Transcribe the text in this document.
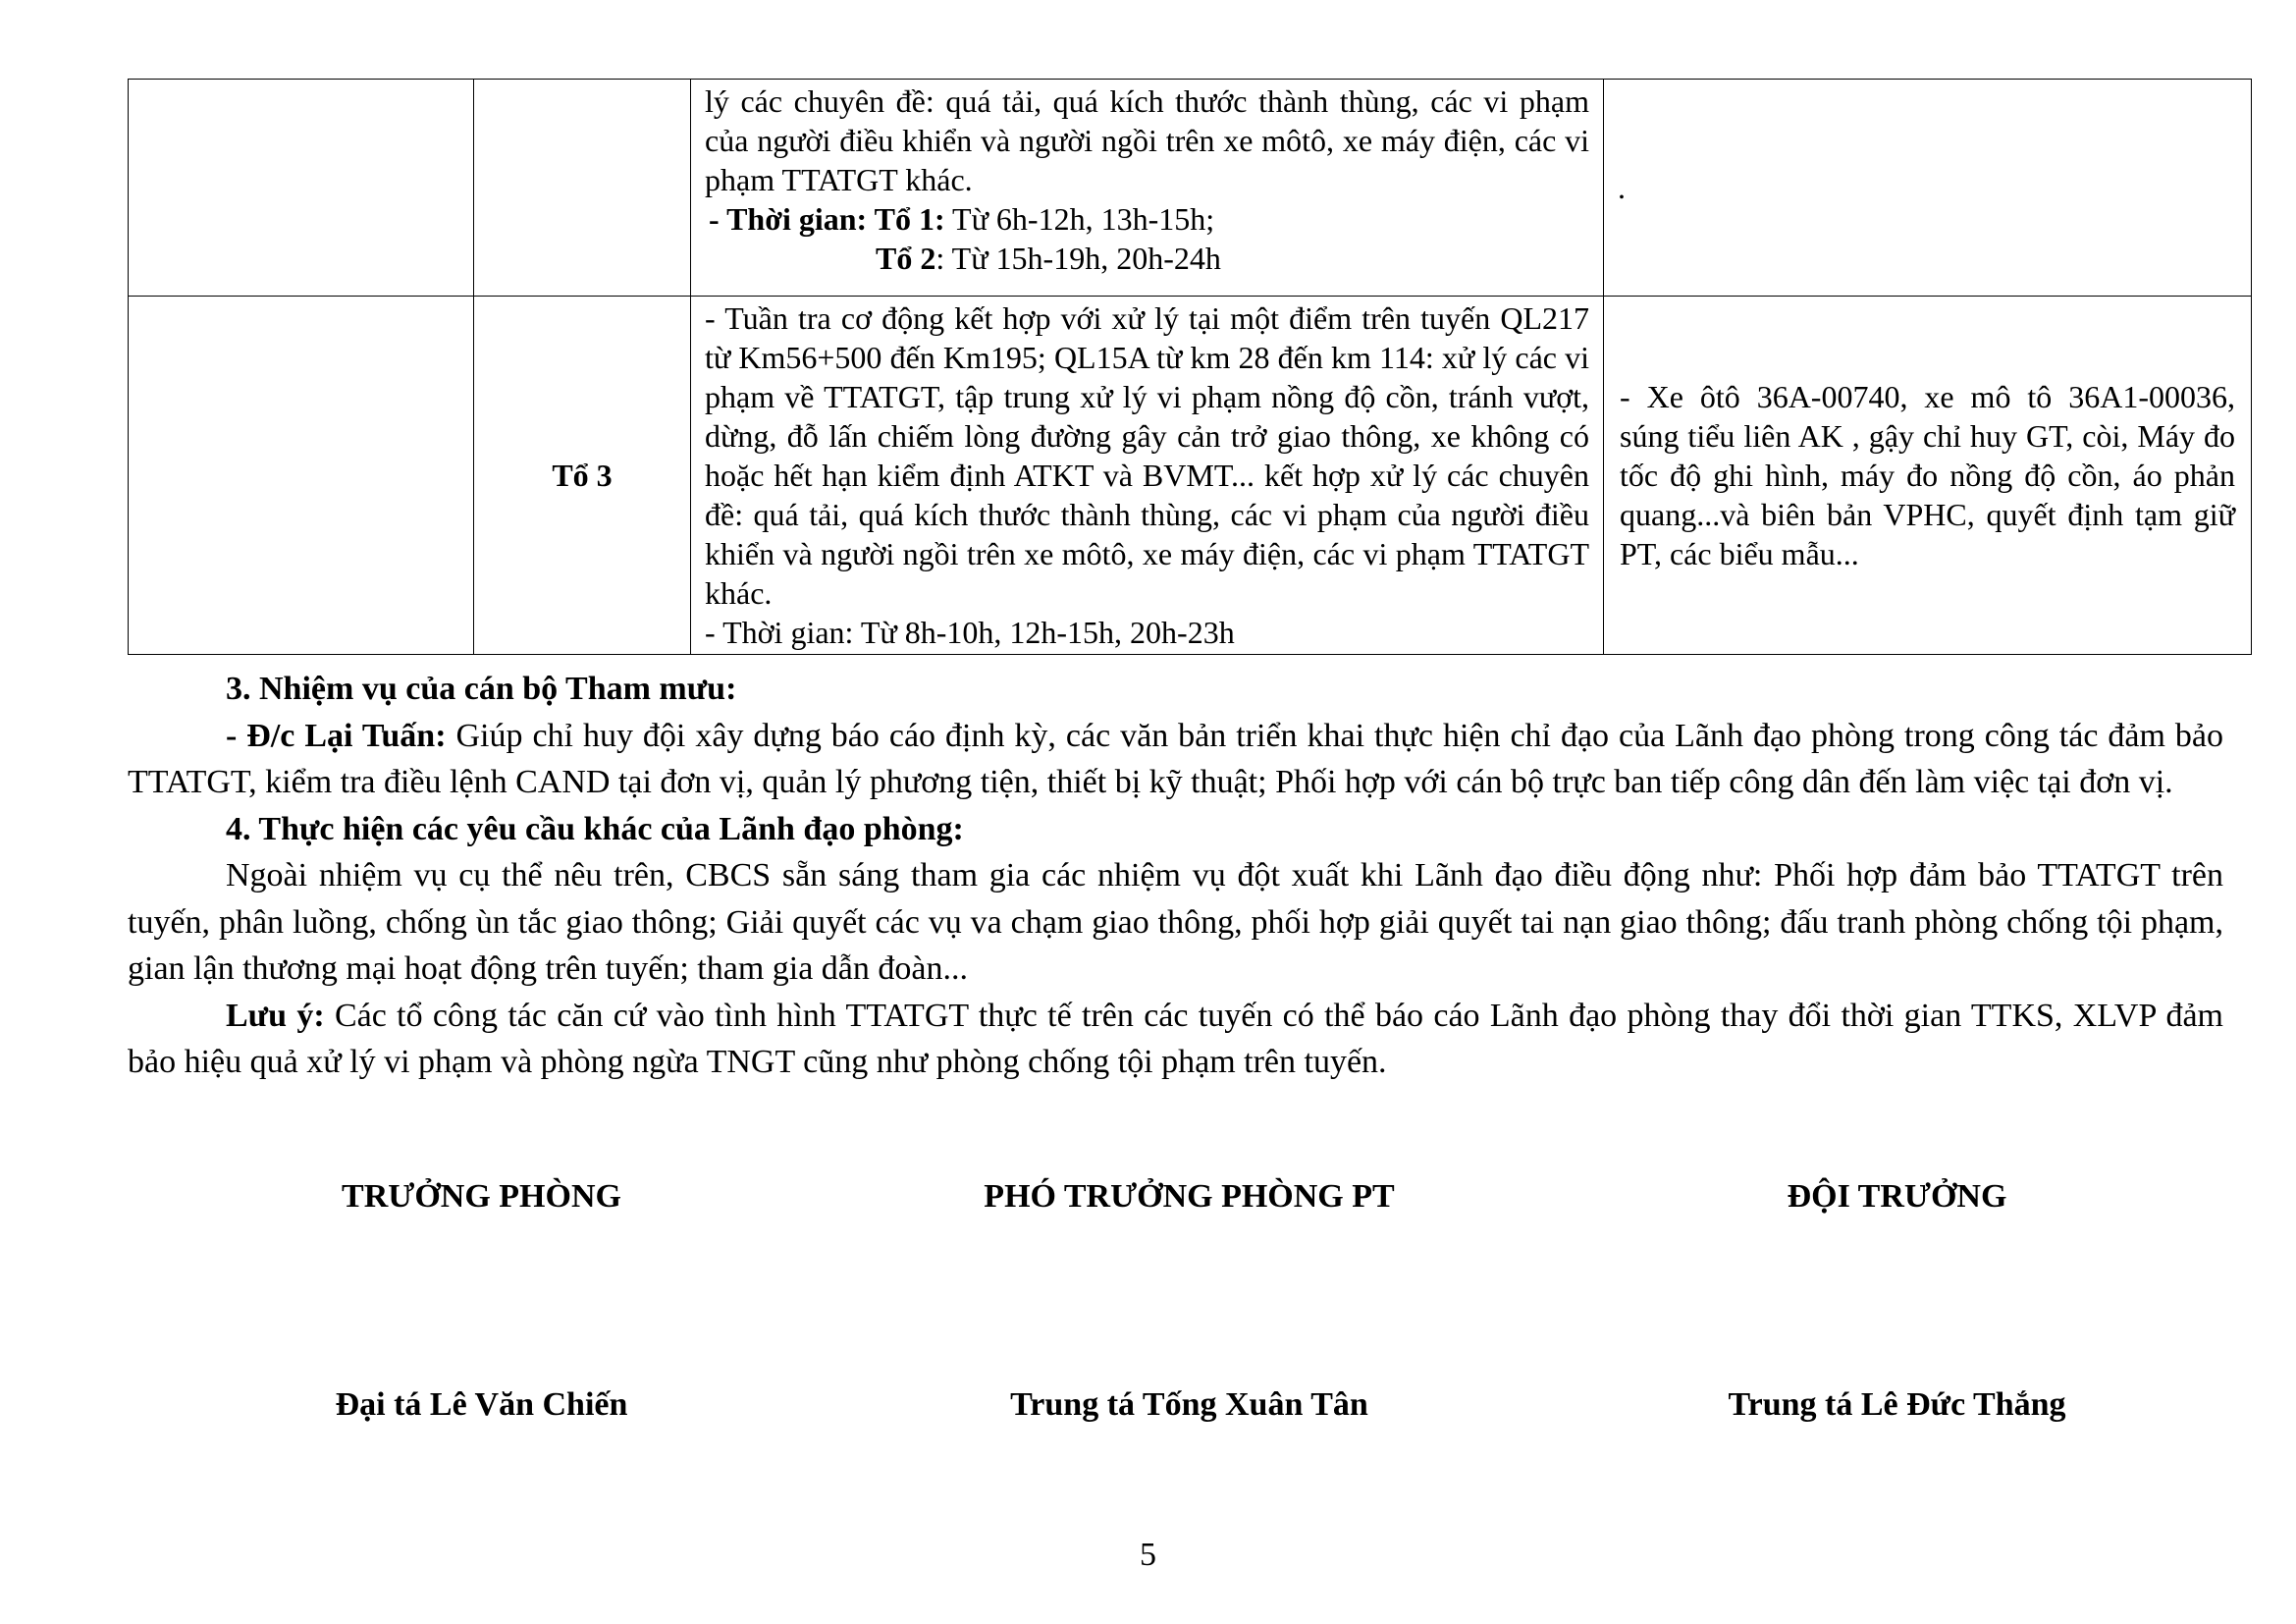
		lý các chuyên đề: quá tải, quá kích thước thành thùng, các vi phạm của người điều khiển và người ngồi trên xe môtô, xe máy điện, các vi phạm TTATGT khác.
- Thời gian: Tổ 1: Từ 6h-12h, 13h-15h;
Tổ 2: Từ 15h-19h, 20h-24h	.
	Tổ 3	- Tuần tra cơ động kết hợp với xử lý tại một điểm trên tuyến QL217 từ Km56+500 đến Km195; QL15A từ km 28 đến km 114: xử lý các vi phạm về TTATGT, tập trung xử lý vi phạm nồng độ cồn, tránh vượt, dừng, đỗ lấn chiếm lòng đường gây cản trở giao thông, xe không có hoặc hết hạn kiểm định ATKT và BVMT... kết hợp xử lý các chuyên đề: quá tải, quá kích thước thành thùng, các vi phạm của người điều khiển và người ngồi trên xe môtô, xe máy điện, các vi phạm TTATGT khác.
- Thời gian: Từ 8h-10h, 12h-15h, 20h-23h	- Xe ôtô 36A-00740, xe mô tô 36A1-00036, súng tiểu liên AK , gậy chỉ huy GT, còi, Máy đo tốc độ ghi hình, máy đo nồng độ cồn, áo phản quang...và biên bản VPHC, quyết định tạm giữ PT, các biểu mẫu...

3. Nhiệm vụ của cán bộ Tham mưu:

- Đ/c Lại Tuấn: Giúp chỉ huy đội xây dựng báo cáo định kỳ, các văn bản triển khai thực hiện chỉ đạo của Lãnh đạo phòng trong công tác đảm bảo TTATGT, kiểm tra điều lệnh CAND tại đơn vị, quản lý phương tiện, thiết bị kỹ thuật; Phối hợp với cán bộ trực ban tiếp công dân đến làm việc tại đơn vị.

4. Thực hiện các yêu cầu khác của Lãnh đạo phòng:

Ngoài nhiệm vụ cụ thể nêu trên, CBCS sẵn sáng tham gia các nhiệm vụ đột xuất khi Lãnh đạo điều động như: Phối hợp đảm bảo TTATGT trên tuyến, phân luồng, chống ùn tắc giao thông; Giải quyết các vụ va chạm giao thông, phối hợp giải quyết tai nạn giao thông; đấu tranh phòng chống tội phạm, gian lận thương mại hoạt động trên tuyến; tham gia dẫn đoàn...

Lưu ý: Các tổ công tác căn cứ vào tình hình TTATGT thực tế trên các tuyến có thể báo cáo Lãnh đạo phòng thay đổi thời gian TTKS, XLVP đảm bảo hiệu quả xử lý vi phạm và phòng ngừa TNGT cũng như phòng chống tội phạm trên tuyến.

TRƯỞNG PHÒNG
Đại tá Lê Văn Chiến
PHÓ TRƯỞNG PHÒNG PT
Trung tá Tống Xuân Tân
ĐỘI TRƯỞNG
Trung tá Lê Đức Thắng
5
